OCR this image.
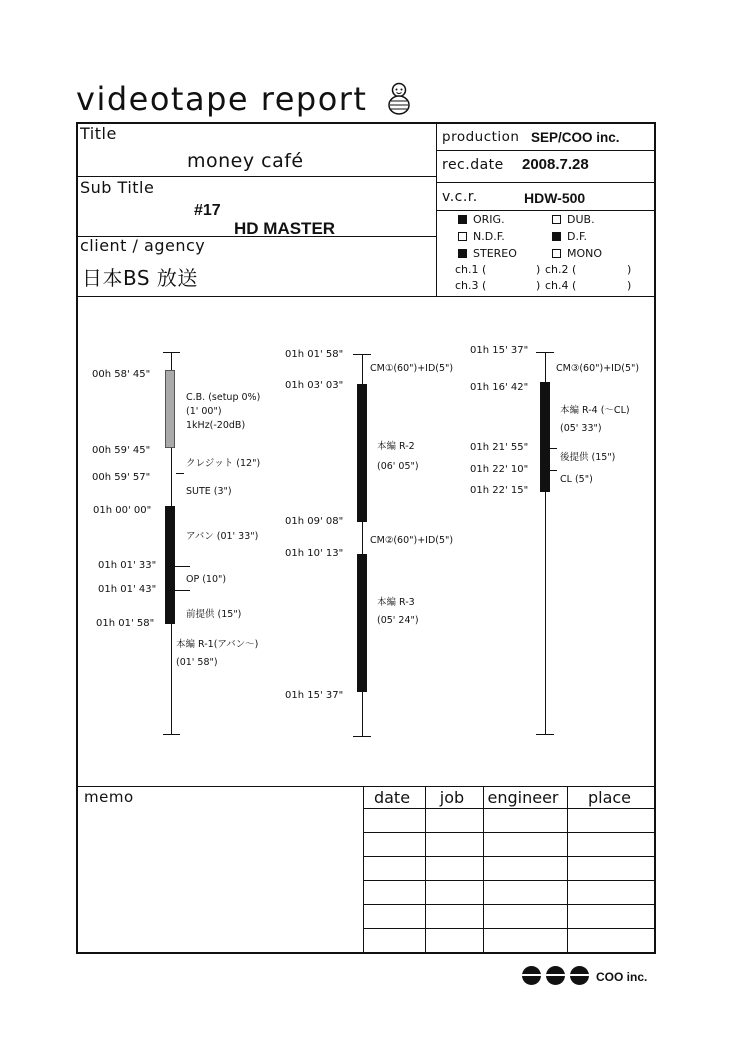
videotape report
Title
money café
Sub Title
#17
HD MASTER
client / agency
日本BS 放送
production SEP/COO inc.
rec.date 2008.7.28
v.c.r.	HDW-500
ORIG.	DUB.
N.D.F.	D.F.
STEREO	MONO
ch.1 (	) ch.2 (	)
ch.3 (	) ch.4 (	)
00h 58' 45"
00h 59' 45"
00h 59' 57"
01h 00' 00"
01h 01' 33"
01h 01' 43"
01h 01' 58"
C.B. (setup 0%)
(1' 00")
1kHz(-20dB)
クレジット (12")
SUTE (3")
アバン (01' 33")
OP (10")
前提供 (15")
本編 R-1(アバン〜)
(01' 58")
01h 01' 58"
01h 03' 03"
01h 09' 08"
01h 10' 13"
01h 15' 37"
CM①(60")+ID(5")
本編 R-2
(06' 05")
CM②(60")+ID(5")
本編 R-3
(05' 24")
01h 15' 37"
01h 16' 42"
01h 21' 55"
01h 22' 10"
01h 22' 15"
CM③(60")+ID(5")
本編 R-4 (〜CL)
(05' 33")
後提供 (15")
CL (5")
memo	date	job	engineer	place
COO inc.
